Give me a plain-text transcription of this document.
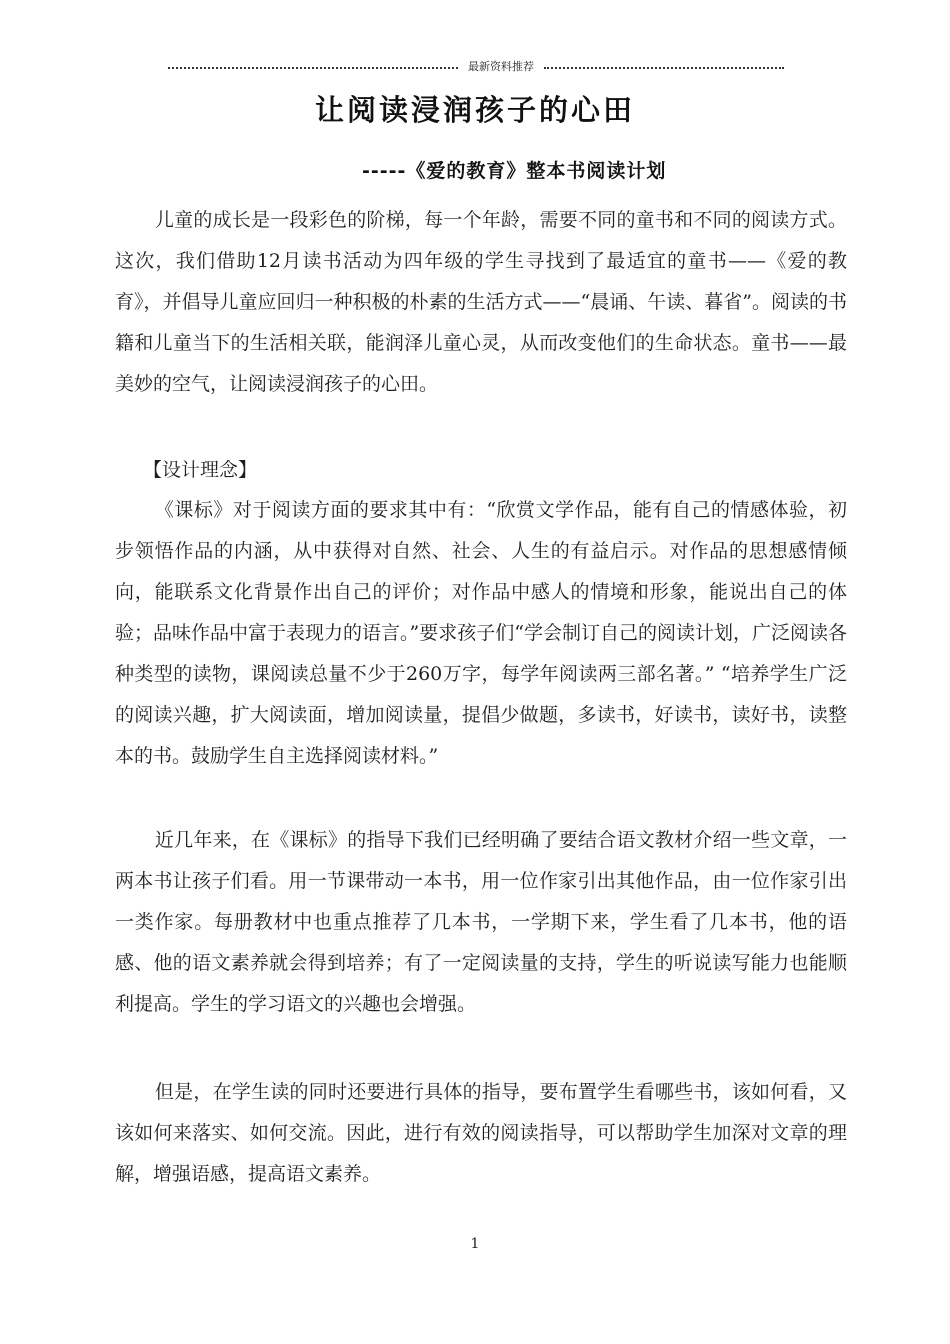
最新资料推荐
让阅读浸润孩子的心田
-----《爱的教育》整本书阅读计划

儿童的成长是一段彩色的阶梯，每一个年龄，需要不同的童书和不同的阅读方式。这次，我们借助12月读书活动为四年级的学生寻找到了最适宜的童书——《爱的教育》，并倡导儿童应回归一种积极的朴素的生活方式——“晨诵、午读、暮省”。阅读的书籍和儿童当下的生活相关联，能润泽儿童心灵，从而改变他们的生命状态。童书——最美妙的空气，让阅读浸润孩子的心田。

【设计理念】

《课标》对于阅读方面的要求其中有：“欣赏文学作品，能有自己的情感体验，初步领悟作品的内涵，从中获得对自然、社会、人生的有益启示。对作品的思想感情倾向，能联系文化背景作出自己的评价；对作品中感人的情境和形象，能说出自己的体验；品味作品中富于表现力的语言。”要求孩子们“学会制订自己的阅读计划，广泛阅读各种类型的读物，课阅读总量不少于260万字，每学年阅读两三部名著。” “培养学生广泛的阅读兴趣，扩大阅读面，增加阅读量，提倡少做题，多读书，好读书，读好书，读整本的书。鼓励学生自主选择阅读材料。”

近几年来，在《课标》的指导下我们已经明确了要结合语文教材介绍一些文章，一两本书让孩子们看。用一节课带动一本书，用一位作家引出其他作品，由一位作家引出一类作家。每册教材中也重点推荐了几本书，一学期下来，学生看了几本书，他的语感、他的语文素养就会得到培养；有了一定阅读量的支持，学生的听说读写能力也能顺利提高。学生的学习语文的兴趣也会增强。

但是，在学生读的同时还要进行具体的指导，要布置学生看哪些书，该如何看，又该如何来落实、如何交流。因此，进行有效的阅读指导，可以帮助学生加深对文章的理解，增强语感，提高语文素养。

1
